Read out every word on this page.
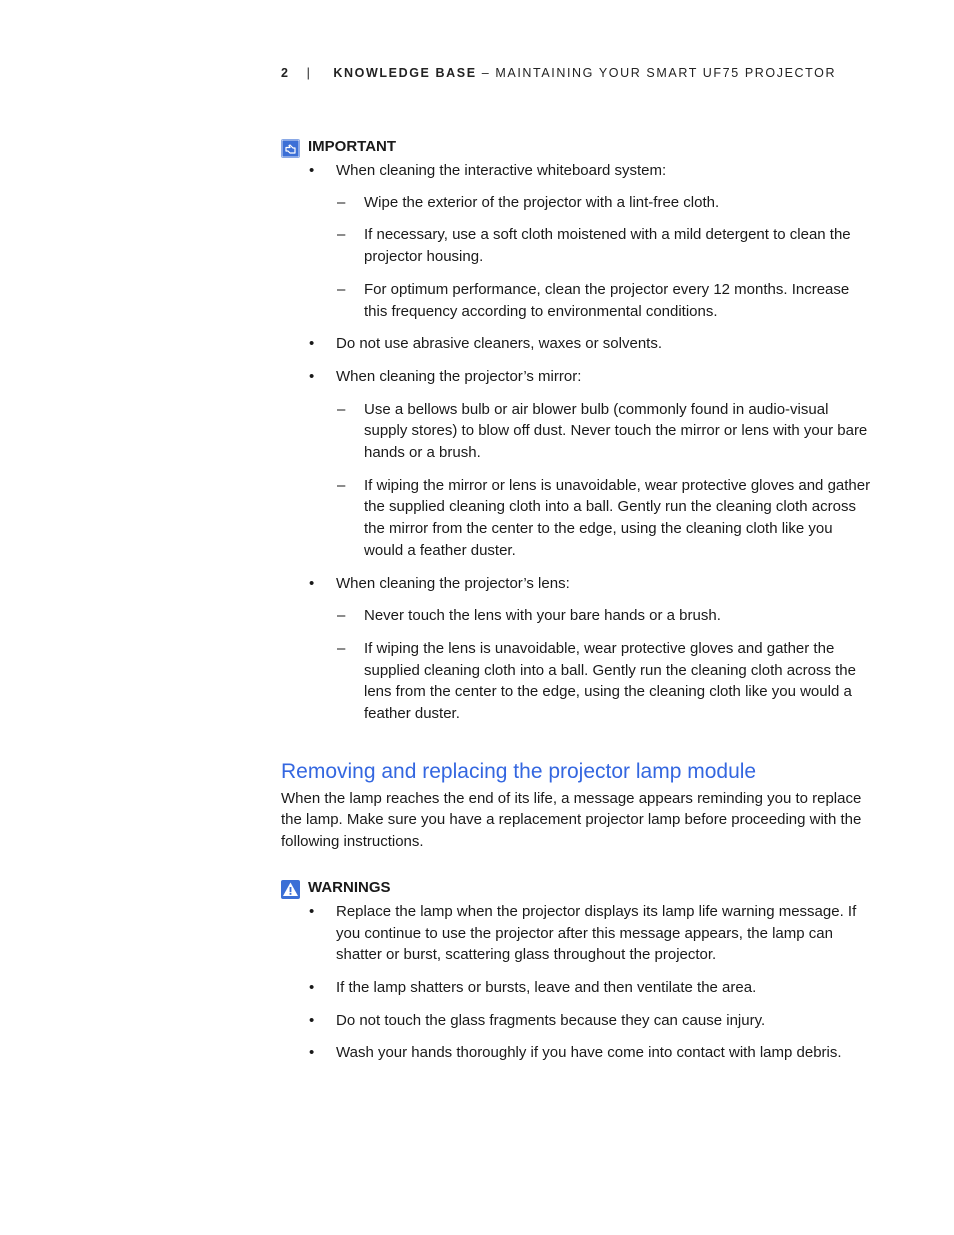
2 | KNOWLEDGE BASE – MAINTAINING YOUR SMART UF75 PROJECTOR
IMPORTANT
• When cleaning the interactive whiteboard system:
– Wipe the exterior of the projector with a lint-free cloth.
– If necessary, use a soft cloth moistened with a mild detergent to clean the projector housing.
– For optimum performance, clean the projector every 12 months. Increase this frequency according to environmental conditions.
• Do not use abrasive cleaners, waxes or solvents.
• When cleaning the projector’s mirror:
– Use a bellows bulb or air blower bulb (commonly found in audio-visual supply stores) to blow off dust. Never touch the mirror or lens with your bare hands or a brush.
– If wiping the mirror or lens is unavoidable, wear protective gloves and gather the supplied cleaning cloth into a ball. Gently run the cleaning cloth across the mirror from the center to the edge, using the cleaning cloth like you would a feather duster.
• When cleaning the projector’s lens:
– Never touch the lens with your bare hands or a brush.
– If wiping the lens is unavoidable, wear protective gloves and gather the supplied cleaning cloth into a ball. Gently run the cleaning cloth across the lens from the center to the edge, using the cleaning cloth like you would a feather duster.
Removing and replacing the projector lamp module
When the lamp reaches the end of its life, a message appears reminding you to replace the lamp. Make sure you have a replacement projector lamp before proceeding with the following instructions.
WARNINGS
• Replace the lamp when the projector displays its lamp life warning message. If you continue to use the projector after this message appears, the lamp can shatter or burst, scattering glass throughout the projector.
• If the lamp shatters or bursts, leave and then ventilate the area.
• Do not touch the glass fragments because they can cause injury.
• Wash your hands thoroughly if you have come into contact with lamp debris.
